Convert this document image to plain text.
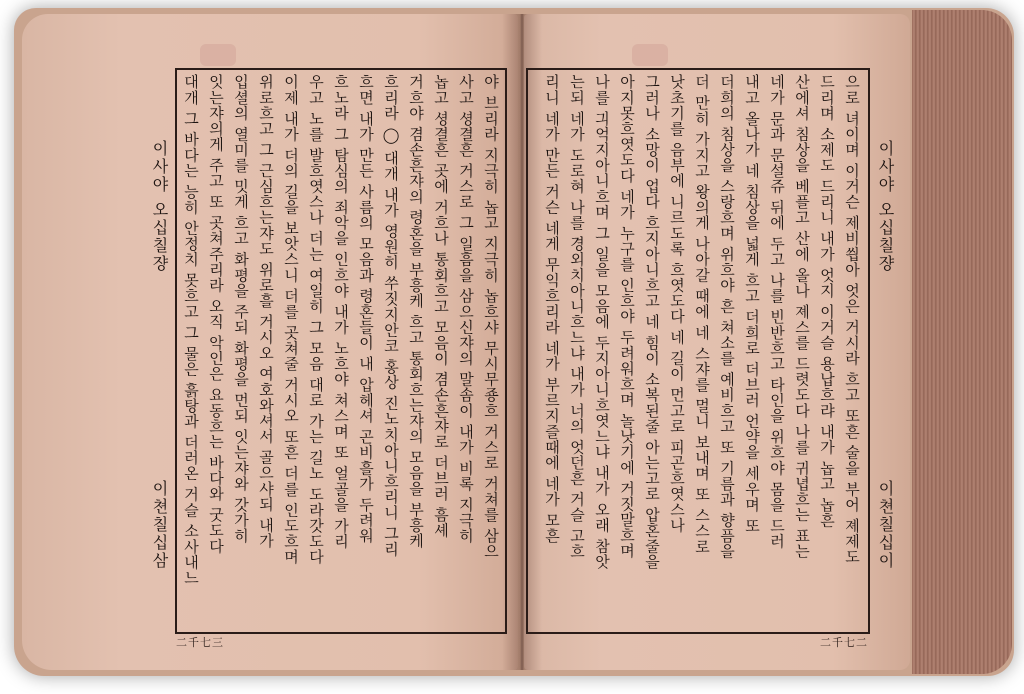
이사야 오십칠쟝
이쳔칠십삼
二千七三
이사야 오십칠쟝
이쳔칠십이
二千七二
야 브리라 지극히 놉고 지극히 놉흐샤 무시무죵흐 거스로 거쳐를 삼으
사고 셩결흔 거스로 그 일흠을 삼으신쟈의 말솜이 내가 비록 지극히
놉고 셩결흔 곳에 거흐나 통회흐고 모음이 겸손흔쟈로 더브러 흠셰
거흐야 겸손흔쟈의 령혼을 부흥케 흐고 통회흐는쟈의 모음을 부흥케
흐리라 ◯ 대개 내가 영원히 쑤짓지안코 홍상 진노치아니흐리니 그리
흐면 내가 만든 사름의 모음과 령혼들이 내 압헤셔 곤비흘가 두려워
흐노라 그 탐심의 죄악을 인흐야 내가 노흐야 쳐스며 또 얼골을 가리
우고 노를 발흐엿스나 더는 여일히 그 모음 대로 가는 길노 도라갓도다
이제 내가 더의 길을 보앗스니 더를 곳쳐줄 거시오 또흔 더를 인도흐며
위로흐고 그 근심흐는쟈도 위로흘 거시오 여호와셔서 골으샤되 내가
입셜의 열미를 밋게 흐고 화평을 주되 화평을 먼되 잇는쟈와 갓가히
잇는쟈의게 주고 또 곳쳐주리라 오직 악인은 요동흐는 바다와 굿도다
대개 그 바다는 능히 안정치 못흐고 그 물은 흙탕과 더러온 거슬 소사내느	으로 녀이며 이거슨 제비씝아 엇은 거시라 흐고 또흔 술을 부어 졔제도
드리며 소제도 드리니 내가 엇지 이거슬 용납흐랴 내가 놉고 놉흔
산에셔 침상을 베플고 산에 올나 졔스를 드렷도다 나를 귀녑흐는 표는
네가 문과 문설쥬 뒤에 두고 나를 빈반흐고 타인을 위흐야 몸을 드러
내고 올나가 네 침상을 넓게 흐고 더희로 더브러 언약을 세우며 또
더희의 침상을 스랑흐며 위흐야 흔 쳐소를 예비흐고 또 기름과 향픔을
더 만히 가지고 왕의게 나아갈 때에 네 스쟈를 멀니 보내며 또 스스로
낫초기를 음부에 니르도록 흐엿도다 네 길이 먼고로 피곤흐엿스나
그러나 소망이 업다 흐지아니흐고 네 힘이 소복된줄 아는고로 압혼줄을
아지못흐엿도다 네가 누구를 인흐야 두려워흐며 놀낫기에 거짓말흐며
나를 긔억지아니흐며 그 일을 모음에 두지아니흐엿느냐 내가 오래 참앗
는되 네가 도로혀 나를 경외치아니흐느냐 내가 너의 엇던흔 거슬 고흐
리니 네가 만든 거슨 네게 무익흐리라 네가 부르지즐때에 네가 모흔
